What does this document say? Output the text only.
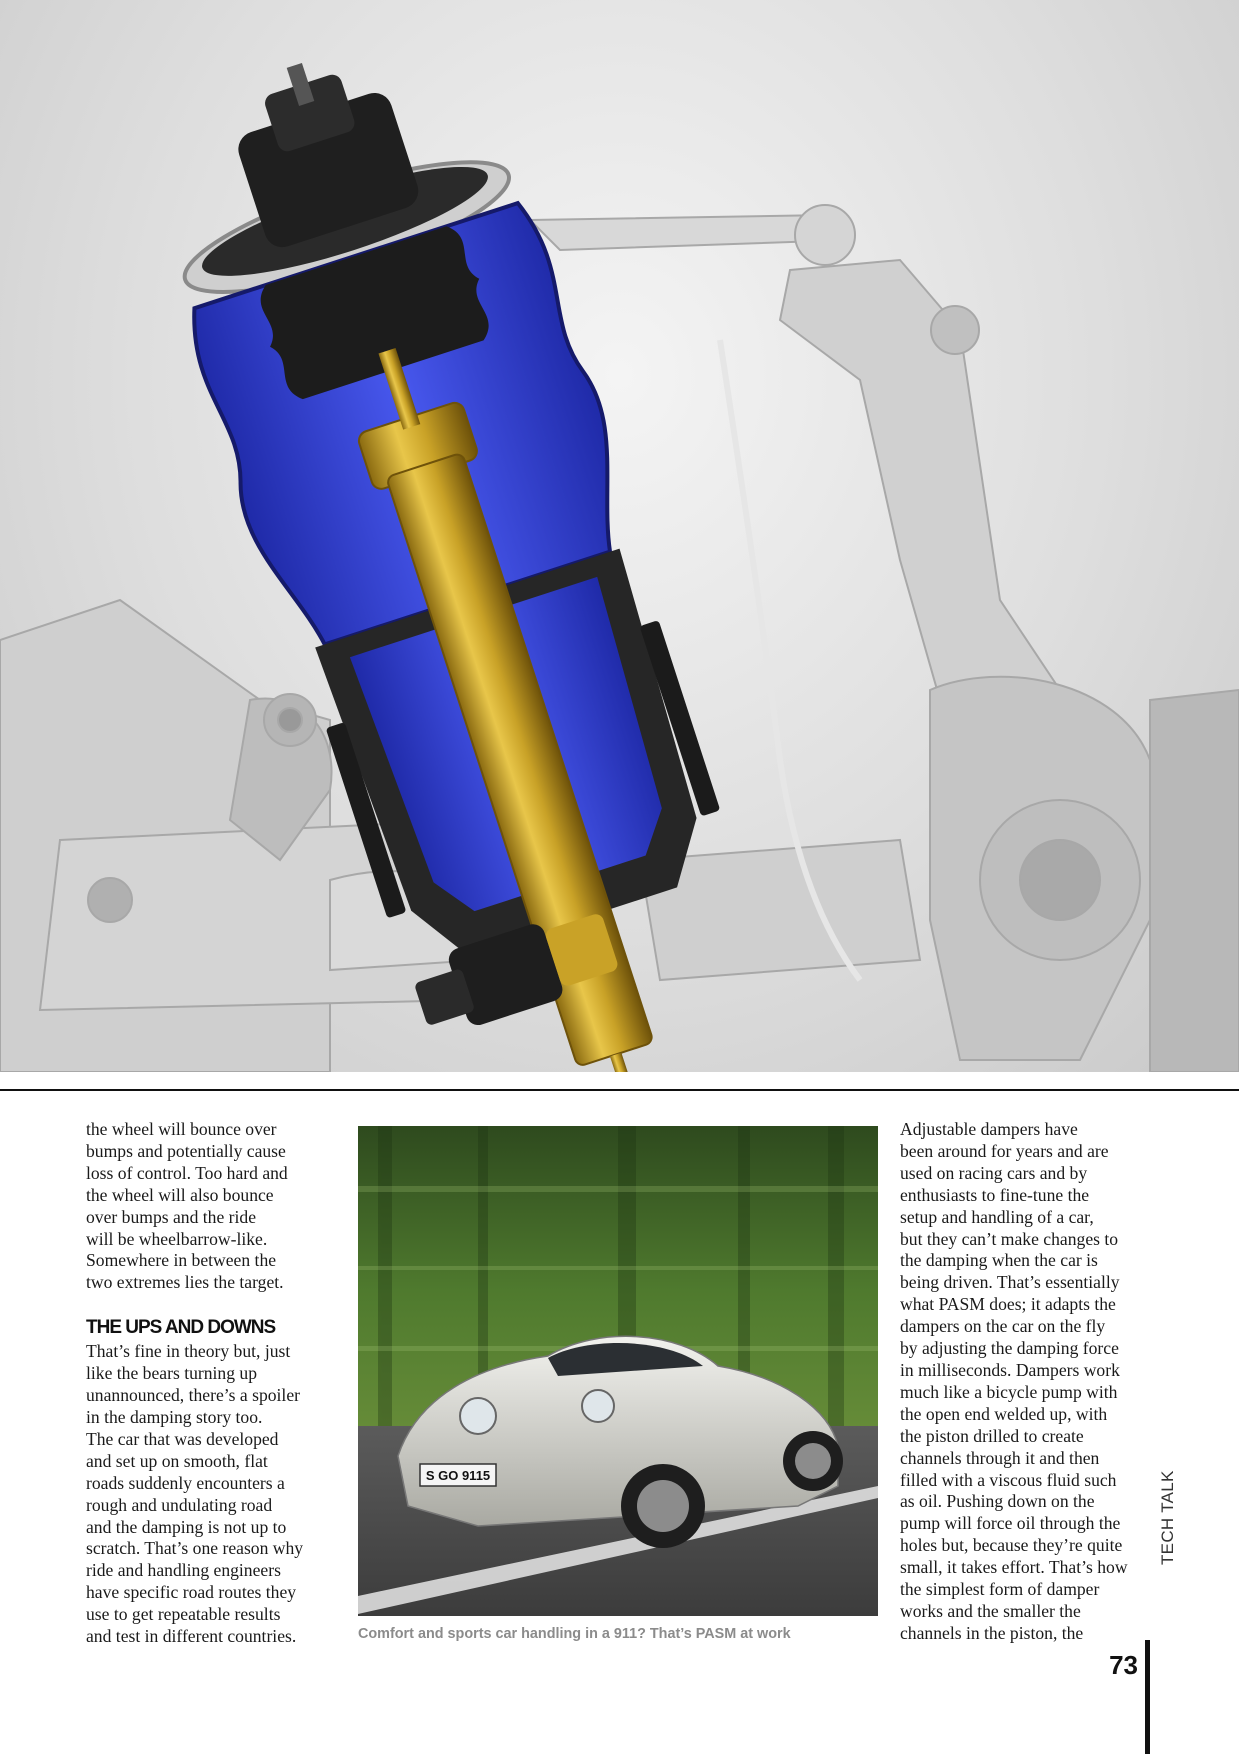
the wheel will bounce over
bumps and potentially cause
loss of control. Too hard and
the wheel will also bounce
over bumps and the ride
will be wheelbarrow-like.
Somewhere in between the
two extremes lies the target.

THE UPS AND DOWNS

That’s fine in theory but, just
like the bears turning up
unannounced, there’s a spoiler
in the damping story too.
The car that was developed
and set up on smooth, flat
roads suddenly encounters a
rough and undulating road
and the damping is not up to
scratch. That’s one reason why
ride and handling engineers
have specific road routes they
use to get repeatable results
and test in different countries.

S GO 9115
Comfort and sports car handling in a 911? That’s PASM at work

Adjustable dampers have
been around for years and are
used on racing cars and by
enthusiasts to fine-tune the
setup and handling of a car,
but they can’t make changes to
the damping when the car is
being driven. That’s essentially
what PASM does; it adapts the
dampers on the car on the fly
by adjusting the damping force
in milliseconds. Dampers work
much like a bicycle pump with
the open end welded up, with
the piston drilled to create
channels through it and then
filled with a viscous fluid such
as oil. Pushing down on the
pump will force oil through the
holes but, because they’re quite
small, it takes effort. That’s how
the simplest form of damper
works and the smaller the
channels in the piston, the

TECH TALK
73
